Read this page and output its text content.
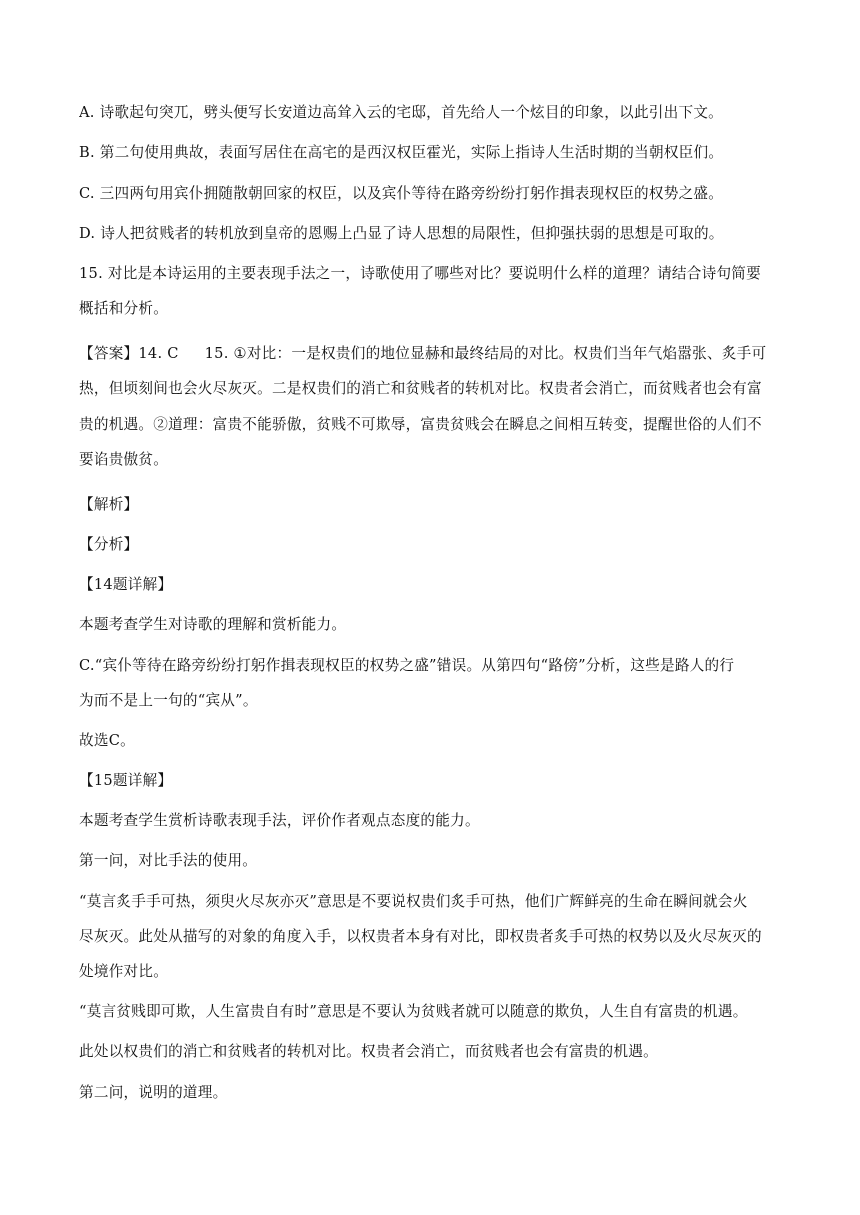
A. 诗歌起句突兀，劈头便写长安道边高耸入云的宅邸，首先给人一个炫目的印象，以此引出下文。
B. 第二句使用典故，表面写居住在高宅的是西汉权臣霍光，实际上指诗人生活时期的当朝权臣们。
C. 三四两句用宾仆拥随散朝回家的权臣，以及宾仆等待在路旁纷纷打躬作揖表现权臣的权势之盛。
D. 诗人把贫贱者的转机放到皇帝的恩赐上凸显了诗人思想的局限性，但抑强扶弱的思想是可取的。
15. 对比是本诗运用的主要表现手法之一，诗歌使用了哪些对比？要说明什么样的道理？请结合诗句简要
概括和分析。
【答案】14. C 15. ①对比：一是权贵们的地位显赫和最终结局的对比。权贵们当年气焰嚣张、炙手可
热，但顷刻间也会火尽灰灭。二是权贵们的消亡和贫贱者的转机对比。权贵者会消亡，而贫贱者也会有富
贵的机遇。②道理：富贵不能骄傲，贫贱不可欺辱，富贵贫贱会在瞬息之间相互转变，提醒世俗的人们不
要谄贵傲贫。
【解析】
【分析】
【14题详解】
本题考查学生对诗歌的理解和赏析能力。
C.“宾仆等待在路旁纷纷打躬作揖表现权臣的权势之盛”错误。从第四句“路傍”分析，这些是路人的行
为而不是上一句的“宾从”。
故选C。
【15题详解】
本题考查学生赏析诗歌表现手法，评价作者观点态度的能力。
第一问，对比手法的使用。
“莫言炙手手可热，须臾火尽灰亦灭”意思是不要说权贵们炙手可热，他们广辉鲜亮的生命在瞬间就会火
尽灰灭。此处从描写的对象的角度入手，以权贵者本身有对比，即权贵者炙手可热的权势以及火尽灰灭的
处境作对比。
“莫言贫贱即可欺，人生富贵自有时”意思是不要认为贫贱者就可以随意的欺负，人生自有富贵的机遇。
此处以权贵们的消亡和贫贱者的转机对比。权贵者会消亡，而贫贱者也会有富贵的机遇。
第二问，说明的道理。
